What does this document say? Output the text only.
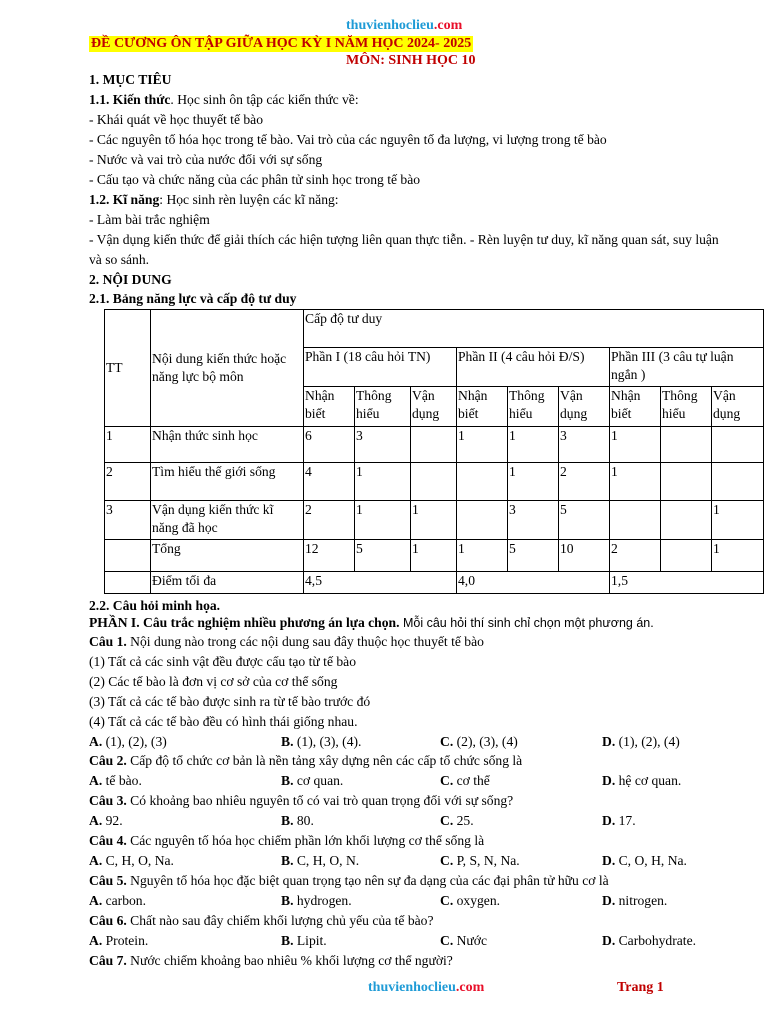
thuvienhoclieu.com
ĐỀ CƯƠNG ÔN TẬP GIỮA HỌC KỲ I NĂM HỌC 2024- 2025
MÔN: SINH HỌC 10
1. MỤC TIÊU
1.1. Kiến thức. Học sinh ôn tập các kiến thức về:
- Khái quát về học thuyết tế bào
- Các nguyên tố hóa học trong tế bào. Vai trò của các nguyên tố đa lượng, vi lượng trong tế bào
- Nước và vai trò của nước đối với sự sống
- Cấu tạo và chức năng của các phân tử sinh học trong tế bào
1.2. Kĩ năng: Học sinh rèn luyện các kĩ năng:
- Làm bài trắc nghiệm
- Vận dụng kiến thức để giải thích các hiện tượng liên quan thực tiễn. - Rèn luyện tư duy, kĩ năng quan sát, suy luận và so sánh.
2. NỘI DUNG
2.1. Bảng năng lực và cấp độ tư duy
TT	Nội dung kiến thức hoặc năng lực bộ môn	Cấp độ tư duy								
		Phần I (18 câu hỏi TN)			Phần II (4 câu hỏi Đ/S)			Phần III (3 câu tự luận ngắn )		
		Nhận biết	Thông hiểu	Vận dụng	Nhận biết	Thông hiểu	Vận dụng	Nhận biết	Thông hiểu	Vận dụng
1	Nhận thức sinh học	6	3		1	1	3	1		
2	Tìm hiểu thế giới sống	4	1			1	2	1		
3	Vận dụng kiến thức kĩ năng đã học	2	1	1		3	5			1
	Tổng	12	5	1	1	5	10	2		1
	Điểm tối đa	4,5			4,0			1,5		
2.2. Câu hỏi minh họa.
PHẦN I. Câu trắc nghiệm nhiều phương án lựa chọn. Mỗi câu hỏi thí sinh chỉ chọn một phương án.
Câu 1. Nội dung nào trong các nội dung sau đây thuộc học thuyết tế bào
(1) Tất cả các sinh vật đều được cấu tạo từ tế bào
(2) Các tế bào là đơn vị cơ sở của cơ thể sống
(3) Tất cả các tế bào được sinh ra từ tế bào trước đó
(4) Tất cả các tế bào đều có hình thái giống nhau.
A. (1), (2), (3)	B. (1), (3), (4).	C. (2), (3), (4)	D. (1), (2), (4)
Câu 2. Cấp độ tổ chức cơ bản là nền tảng xây dựng nên các cấp tổ chức sống là
A. tế bào.	B. cơ quan.	C. cơ thể	D. hệ cơ quan.
Câu 3. Có khoảng bao nhiêu nguyên tố có vai trò quan trọng đối với sự sống?
A. 92.	B. 80.	C. 25.	D. 17.
Câu 4. Các nguyên tố hóa học chiếm phần lớn khối lượng cơ thể sống là
A. C, H, O, Na.	B. C, H, O, N.	C. P, S, N, Na.	D. C, O, H, Na.
Câu 5. Nguyên tố hóa học đặc biệt quan trọng tạo nên sự đa dạng của các đại phân tử hữu cơ là
A. carbon.	B. hydrogen.	C. oxygen.	D. nitrogen.
Câu 6. Chất nào sau đây chiếm khối lượng chủ yếu của tế bào?
A. Protein.	B. Lipit.	C. Nước	D. Carbohydrate.
Câu 7. Nước chiếm khoảng bao nhiêu % khối lượng cơ thể người?
thuvienhoclieu.com	Trang 1
